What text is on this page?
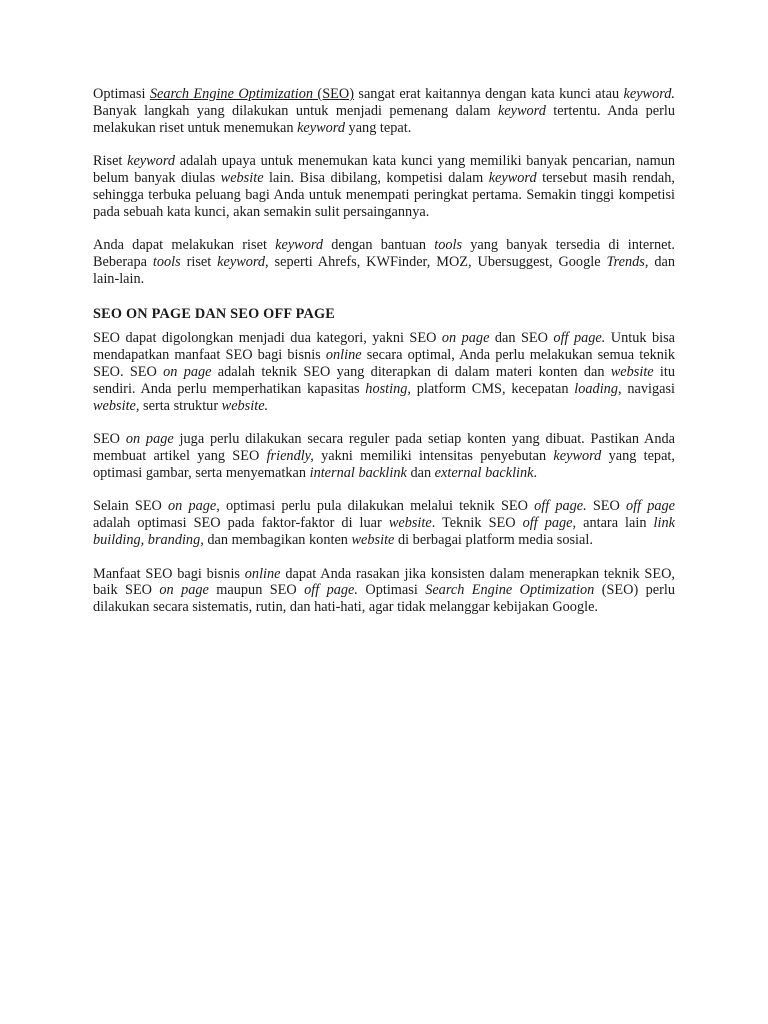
Optimasi Search Engine Optimization (SEO) sangat erat kaitannya dengan kata kunci atau keyword. Banyak langkah yang dilakukan untuk menjadi pemenang dalam keyword tertentu. Anda perlu melakukan riset untuk menemukan keyword yang tepat.

Riset keyword adalah upaya untuk menemukan kata kunci yang memiliki banyak pencarian, namun belum banyak diulas website lain. Bisa dibilang, kompetisi dalam keyword tersebut masih rendah, sehingga terbuka peluang bagi Anda untuk menempati peringkat pertama. Semakin tinggi kompetisi pada sebuah kata kunci, akan semakin sulit persaingannya.

Anda dapat melakukan riset keyword dengan bantuan tools yang banyak tersedia di internet. Beberapa tools riset keyword, seperti Ahrefs, KWFinder, MOZ, Ubersuggest, Google Trends, dan lain-lain.

SEO ON PAGE DAN SEO OFF PAGE

SEO dapat digolongkan menjadi dua kategori, yakni SEO on page dan SEO off page. Untuk bisa mendapatkan manfaat SEO bagi bisnis online secara optimal, Anda perlu melakukan semua teknik SEO. SEO on page adalah teknik SEO yang diterapkan di dalam materi konten dan website itu sendiri. Anda perlu memperhatikan kapasitas hosting, platform CMS, kecepatan loading, navigasi website, serta struktur website.

SEO on page juga perlu dilakukan secara reguler pada setiap konten yang dibuat. Pastikan Anda membuat artikel yang SEO friendly, yakni memiliki intensitas penyebutan keyword yang tepat, optimasi gambar, serta menyematkan internal backlink dan external backlink.

Selain SEO on page, optimasi perlu pula dilakukan melalui teknik SEO off page. SEO off page adalah optimasi SEO pada faktor-faktor di luar website. Teknik SEO off page, antara lain link building, branding, dan membagikan konten website di berbagai platform media sosial.

Manfaat SEO bagi bisnis online dapat Anda rasakan jika konsisten dalam menerapkan teknik SEO, baik SEO on page maupun SEO off page. Optimasi Search Engine Optimization (SEO) perlu dilakukan secara sistematis, rutin, dan hati-hati, agar tidak melanggar kebijakan Google.
